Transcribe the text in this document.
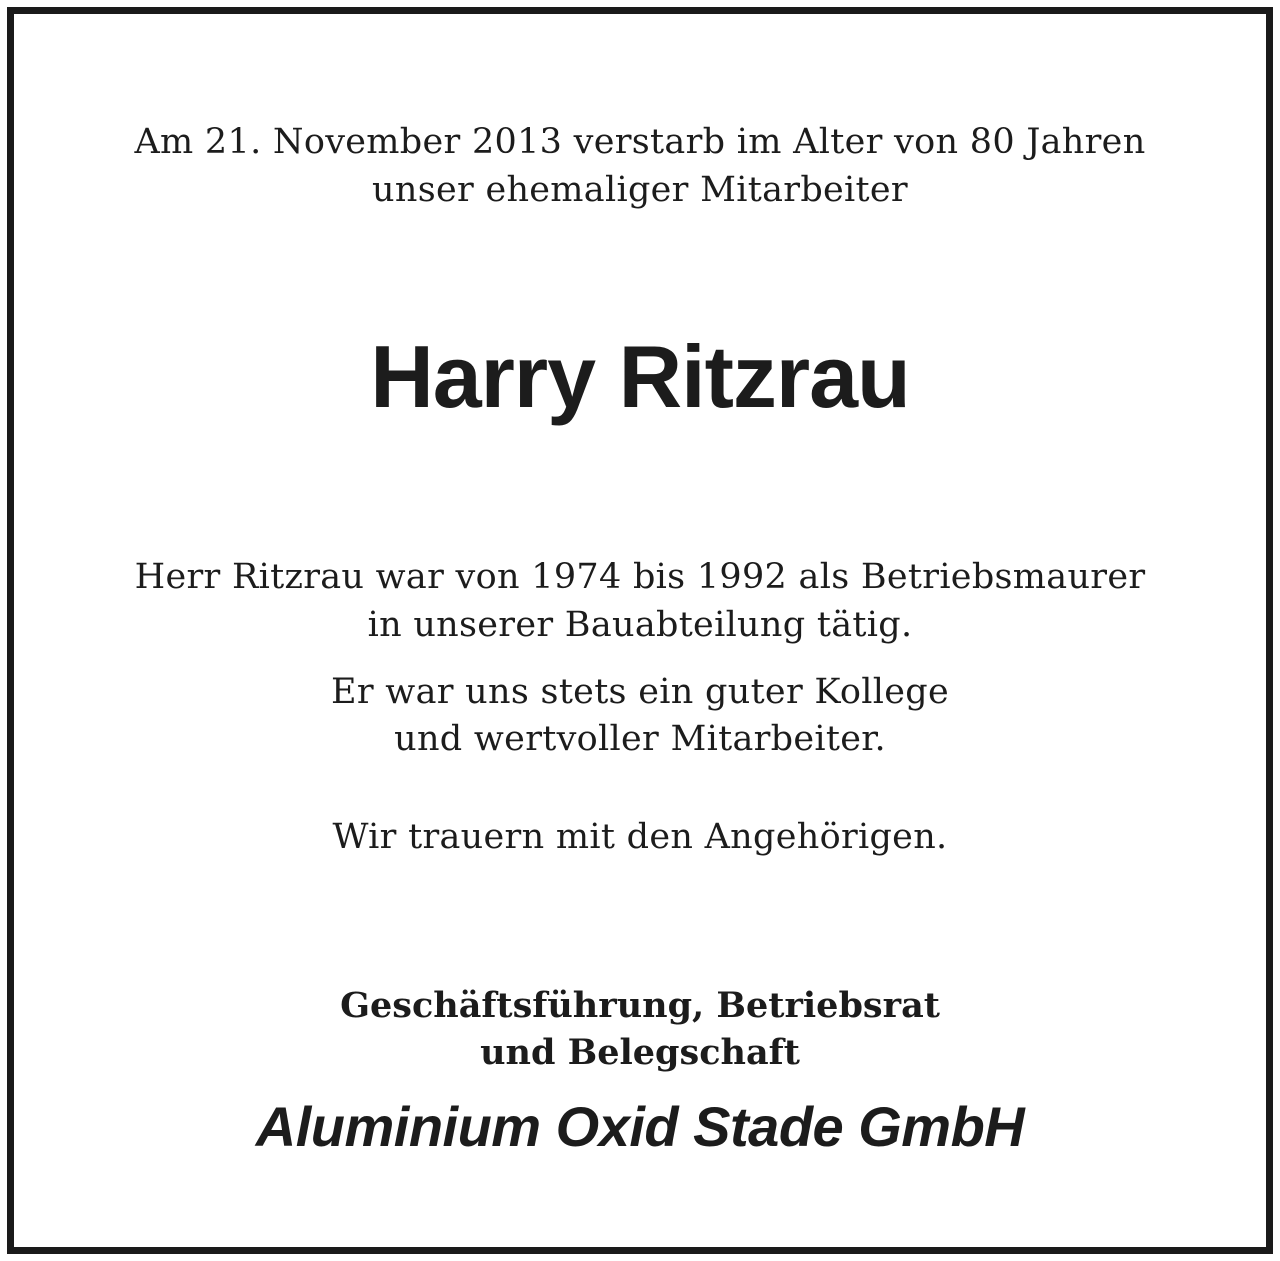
Am 21. November 2013 verstarb im Alter von 80 Jahren
unser ehemaliger Mitarbeiter
Harry Ritzrau
Herr Ritzrau war von 1974 bis 1992 als Betriebsmaurer
in unserer Bauabteilung tätig.
Er war uns stets ein guter Kollege
und wertvoller Mitarbeiter.
Wir trauern mit den Angehörigen.
Geschäftsführung, Betriebsrat
und Belegschaft
Aluminium Oxid Stade GmbH
